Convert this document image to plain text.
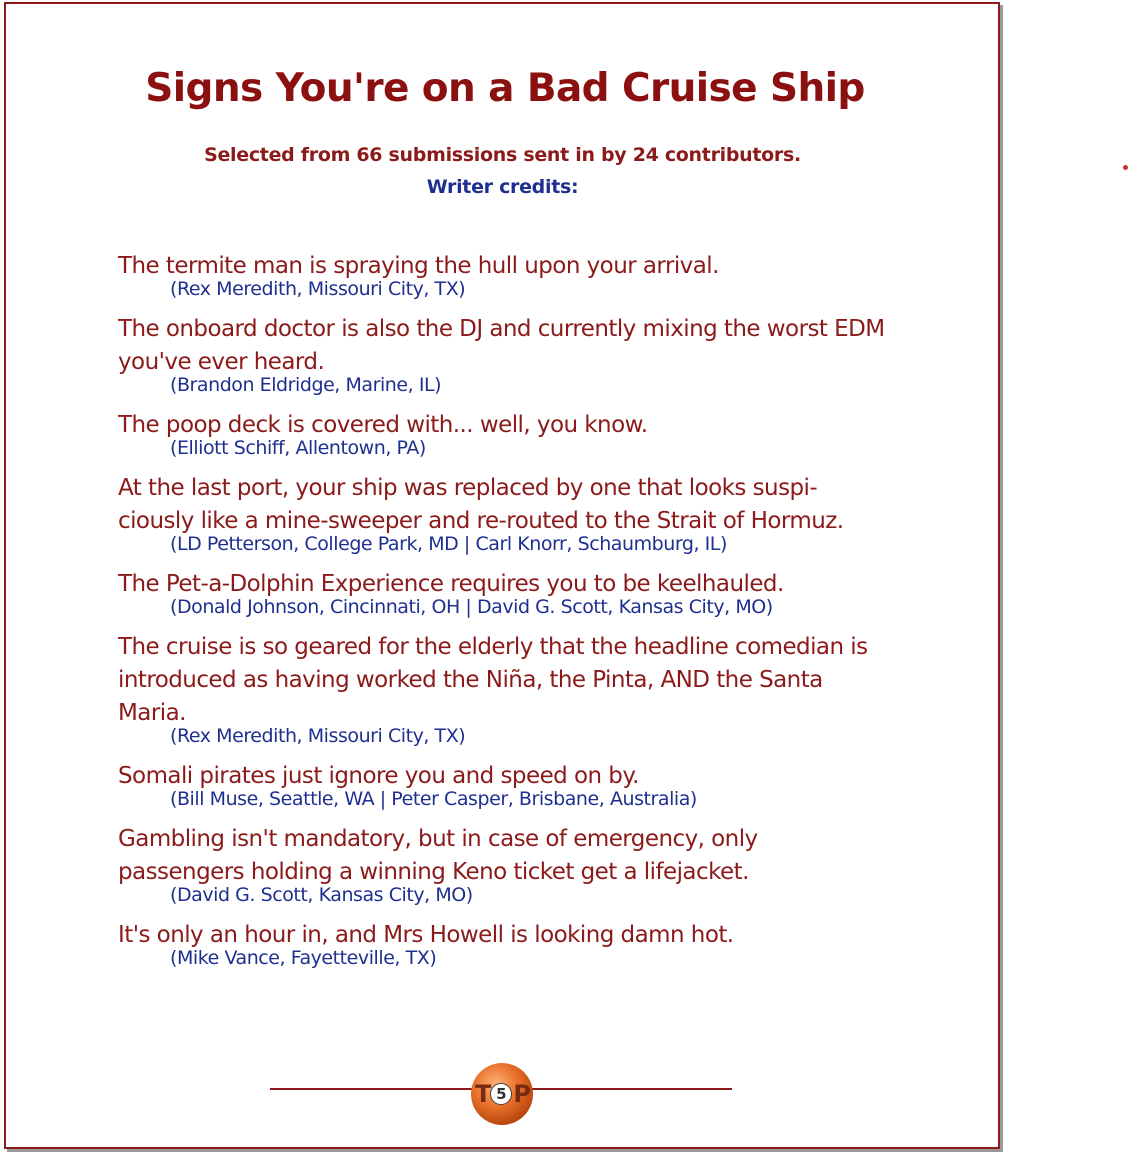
Signs You're on a Bad Cruise Ship
Selected from 66 submissions sent in by 24 contributors.
Writer credits:
The termite man is spraying the hull upon your arrival.
(Rex Meredith, Missouri City, TX)
The onboard doctor is also the DJ and currently mixing the worst EDM you've ever heard.
(Brandon Eldridge, Marine, IL)
The poop deck is covered with... well, you know.
(Elliott Schiff, Allentown, PA)
At the last port, your ship was replaced by one that looks suspi-ciously like a mine-sweeper and re-routed to the Strait of Hormuz.
(LD Petterson, College Park, MD | Carl Knorr, Schaumburg, IL)
The Pet-a-Dolphin Experience requires you to be keelhauled.
(Donald Johnson, Cincinnati, OH | David G. Scott, Kansas City, MO)
The cruise is so geared for the elderly that the headline comedian is introduced as having worked the Niña, the Pinta, AND the Santa Maria.
(Rex Meredith, Missouri City, TX)
Somali pirates just ignore you and speed on by.
(Bill Muse, Seattle, WA | Peter Casper, Brisbane, Australia)
Gambling isn't mandatory, but in case of emergency, only passengers holding a winning Keno ticket get a lifejacket.
(David G. Scott, Kansas City, MO)
It's only an hour in, and Mrs Howell is looking damn hot.
(Mike Vance, Fayetteville, TX)
T 5 P
